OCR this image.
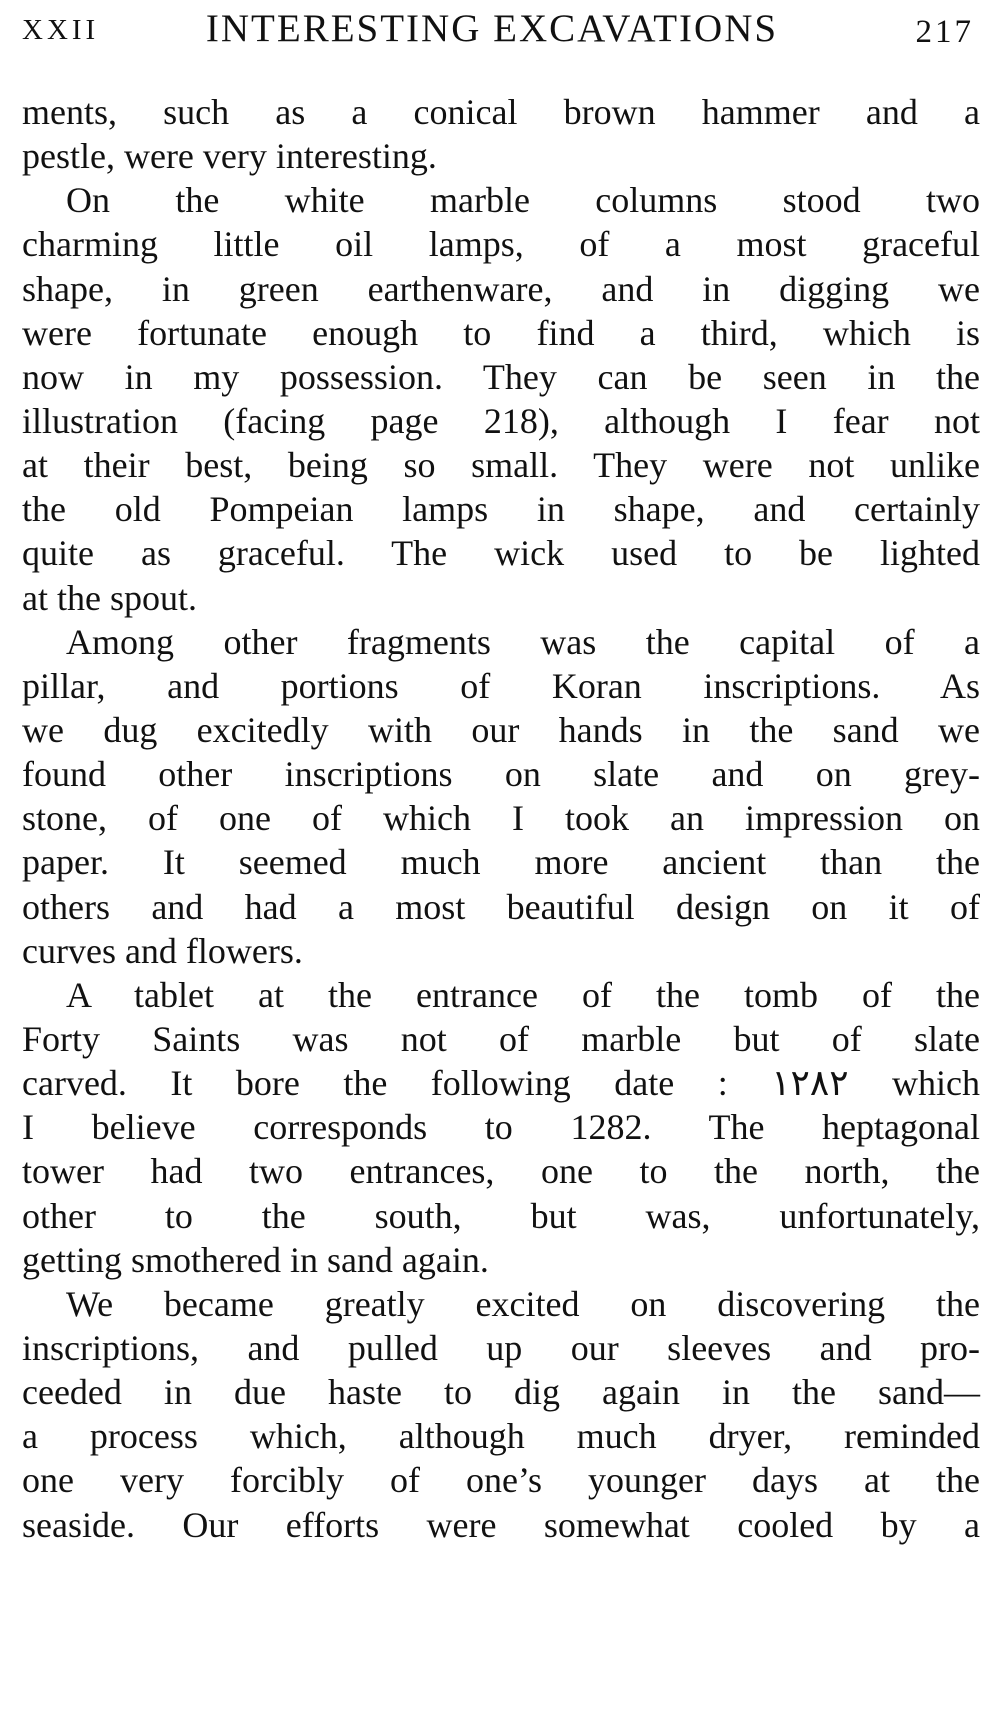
XXII	INTERESTING EXCAVATIONS	217
ments, such as a conical brown hammer and a
pestle, were very interesting.
On the white marble columns stood two
charming little oil lamps, of a most graceful
shape, in green earthenware, and in digging we
were fortunate enough to find a third, which is
now in my possession. They can be seen in the
illustration (facing page 218), although I fear not
at their best, being so small. They were not unlike
the old Pompeian lamps in shape, and certainly
quite as graceful. The wick used to be lighted
at the spout.
Among other fragments was the capital of a
pillar, and portions of Koran inscriptions. As
we dug excitedly with our hands in the sand we
found other inscriptions on slate and on grey-
stone, of one of which I took an impression on
paper. It seemed much more ancient than the
others and had a most beautiful design on it of
curves and flowers.
A tablet at the entrance of the tomb of the
Forty Saints was not of marble but of slate
carved. It bore the following date : ١٢٨٢ which
I believe corresponds to 1282. The heptagonal
tower had two entrances, one to the north, the
other to the south, but was, unfortunately,
getting smothered in sand again.
We became greatly excited on discovering the
inscriptions, and pulled up our sleeves and pro-
ceeded in due haste to dig again in the sand—
a process which, although much dryer, reminded
one very forcibly of one’s younger days at the
seaside. Our efforts were somewhat cooled by a
